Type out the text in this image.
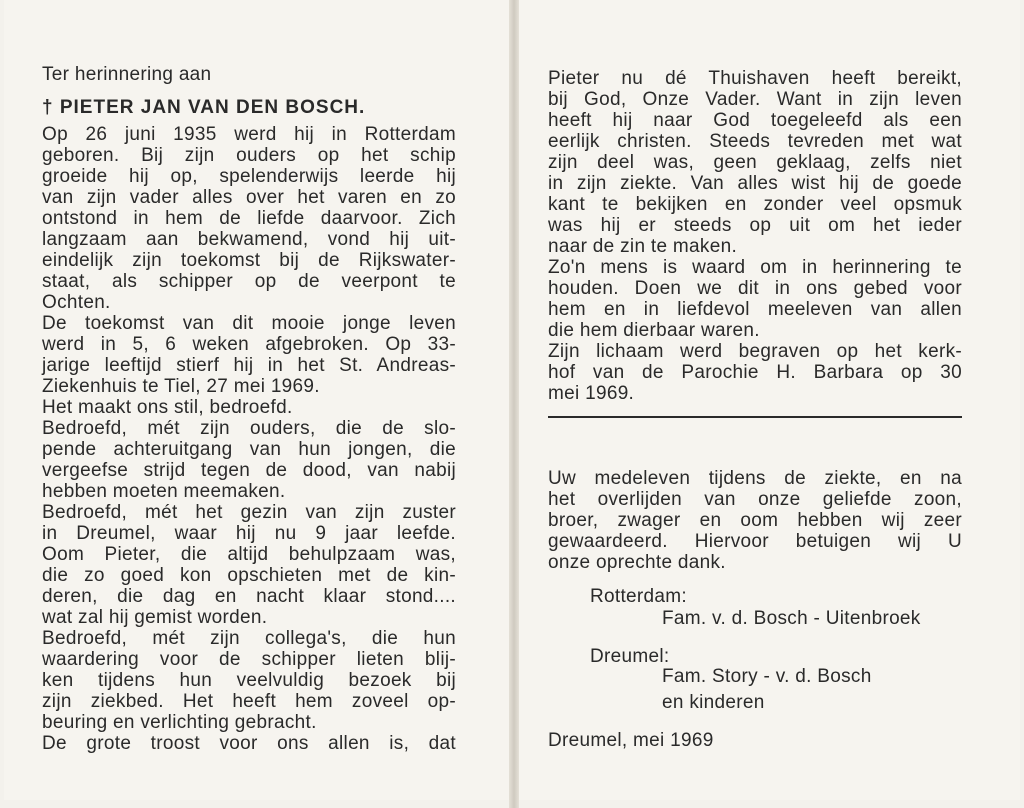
Ter herinnering aan
† PIETER JAN VAN DEN BOSCH.
Op 26 juni 1935 werd hij in Rotterdam
geboren. Bij zijn ouders op het schip
groeide hij op, spelenderwijs leerde hij
van zijn vader alles over het varen en zo
ontstond in hem de liefde daarvoor. Zich
langzaam aan bekwamend, vond hij uit-
eindelijk zijn toekomst bij de Rijkswater-
staat, als schipper op de veerpont te
Ochten.
De toekomst van dit mooie jonge leven
werd in 5, 6 weken afgebroken. Op 33-
jarige leeftijd stierf hij in het St. Andreas-
Ziekenhuis te Tiel, 27 mei 1969.
Het maakt ons stil, bedroefd.
Bedroefd, mét zijn ouders, die de slo-
pende achteruitgang van hun jongen, die
vergeefse strijd tegen de dood, van nabij
hebben moeten meemaken.
Bedroefd, mét het gezin van zijn zuster
in Dreumel, waar hij nu 9 jaar leefde.
Oom Pieter, die altijd behulpzaam was,
die zo goed kon opschieten met de kin-
deren, die dag en nacht klaar stond....
wat zal hij gemist worden.
Bedroefd, mét zijn collega's, die hun
waardering voor de schipper lieten blij-
ken tijdens hun veelvuldig bezoek bij
zijn ziekbed. Het heeft hem zoveel op-
beuring en verlichting gebracht.
De grote troost voor ons allen is, dat
Pieter nu dé Thuishaven heeft bereikt,
bij God, Onze Vader. Want in zijn leven
heeft hij naar God toegeleefd als een
eerlijk christen. Steeds tevreden met wat
zijn deel was, geen geklaag, zelfs niet
in zijn ziekte. Van alles wist hij de goede
kant te bekijken en zonder veel opsmuk
was hij er steeds op uit om het ieder
naar de zin te maken.
Zo'n mens is waard om in herinnering te
houden. Doen we dit in ons gebed voor
hem en in liefdevol meeleven van allen
die hem dierbaar waren.
Zijn lichaam werd begraven op het kerk-
hof van de Parochie H. Barbara op 30
mei 1969.
Uw medeleven tijdens de ziekte, en na
het overlijden van onze geliefde zoon,
broer, zwager en oom hebben wij zeer
gewaardeerd. Hiervoor betuigen wij U
onze oprechte dank.
Rotterdam:
Fam. v. d. Bosch - Uitenbroek
Dreumel:
Fam. Story - v. d. Bosch
en kinderen
Dreumel, mei 1969
